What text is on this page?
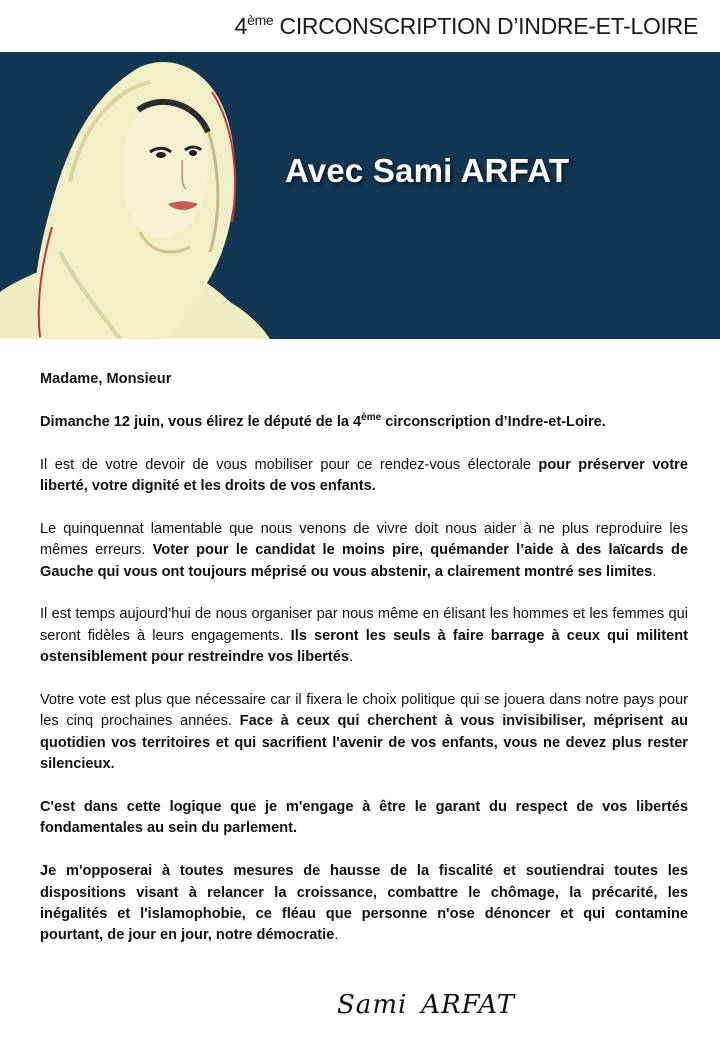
4ème CIRCONSCRIPTION D’INDRE-ET-LOIRE
Avec Sami ARFAT

Madame, Monsieur

Dimanche 12 juin, vous élirez le député de la 4ème circonscription d’Indre-et-Loire.

Il est de votre devoir de vous mobiliser pour ce rendez-vous électorale pour préserver votre liberté, votre dignité et les droits de vos enfants.

Le quinquennat lamentable que nous venons de vivre doit nous aider à ne plus reproduire les mêmes erreurs. Voter pour le candidat le moins pire, quémander l’aide à des laïcards de Gauche qui vous ont toujours méprisé ou vous abstenir, a clairement montré ses limites.

Il est temps aujourd’hui de nous organiser par nous même en élisant les hommes et les femmes qui seront fidèles à leurs engagements. Ils seront les seuls à faire barrage à ceux qui militent ostensiblement pour restreindre vos libertés.

Votre vote est plus que nécessaire car il fixera le choix politique qui se jouera dans notre pays pour les cinq prochaines années. Face à ceux qui cherchent à vous invisibiliser, méprisent au quotidien vos territoires et qui sacrifient l'avenir de vos enfants, vous ne devez plus rester silencieux.

C'est dans cette logique que je m'engage à être le garant du respect de vos libertés fondamentales au sein du parlement.

Je m'opposerai à toutes mesures de hausse de la fiscalité et soutiendrai toutes les dispositions visant à relancer la croissance, combattre le chômage, la précarité, les inégalités et l'islamophobie, ce fléau que personne n'ose dénoncer et qui contamine pourtant, de jour en jour, notre démocratie.

Sami ARFAT
